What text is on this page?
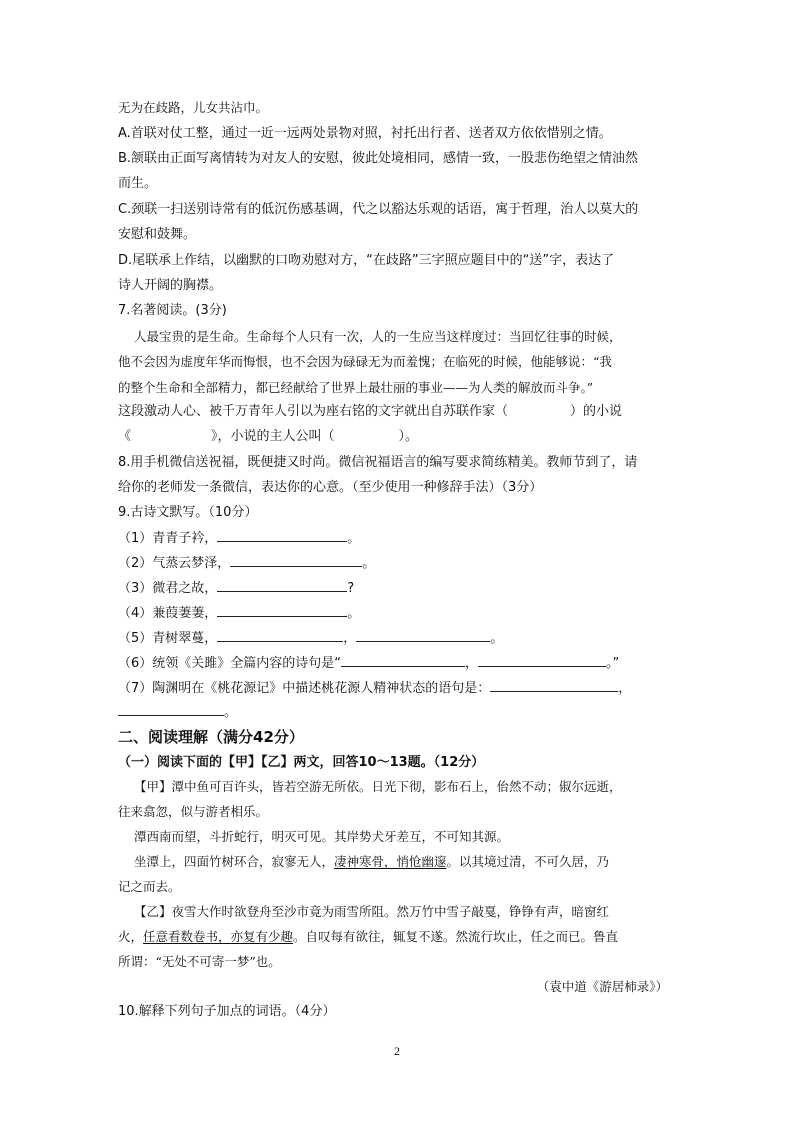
无为在歧路，儿女共沾巾。
A.首联对仗工整，通过一近一远两处景物对照，衬托出行者、送者双方依依惜别之情。
B.颔联由正面写离情转为对友人的安慰，彼此处境相同，感情一致，一股悲伤绝望之情油然
而生。
C.颈联一扫送别诗常有的低沉伤感基调，代之以豁达乐观的话语，寓于哲理，治人以莫大的
安慰和鼓舞。
D.尾联承上作结，以幽默的口吻劝慰对方，“在歧路”三字照应题目中的“送”字，表达了
诗人开阔的胸襟。
7.名著阅读。(3分)
人最宝贵的是生命。生命每个人只有一次，人的一生应当这样度过：当回忆往事的时候，
他不会因为虚度年华而悔恨，也不会因为碌碌无为而羞愧；在临死的时候，他能够说：“我
的整个生命和全部精力，都已经献给了世界上最壮丽的事业——为人类的解放而斗争。”
这段激动人心、被千万青年人引以为座右铭的文字就出自苏联作家（	）的小说
《	》，小说的主人公叫（	）。
8.用手机微信送祝福，既便捷又时尚。微信祝福语言的编写要求简练精美。教师节到了，请
给你的老师发一条微信，表达你的心意。（至少使用一种修辞手法）（3分）
9.古诗文默写。（10分）
（1）青青子衿，	。
（2）气蒸云梦泽，	。
（3）微君之故，	?
（4）兼葭萋萋，	。
（5）青树翠蔓，	，	。
（6）统领《关雎》全篇内容的诗句是“	，	。”
（7）陶渊明在《桃花源记》中描述桃花源人精神状态的语句是：	，
。
二、阅读理解（满分42分）
（一）阅读下面的【甲】【乙】两文，回答10～13题。（12分）
【甲】潭中鱼可百许头，皆若空游无所依。日光下彻，影布石上，佁然不动；俶尔远逝，
往来翕忽，似与游者相乐。
潭西南而望，斗折蛇行，明灭可见。其岸势犬牙差互，不可知其源。
坐潭上，四面竹树环合，寂寥无人，凄神寒骨，悄怆幽邃。以其境过清，不可久居，乃
记之而去。
【乙】夜雪大作时欲登舟至沙市竟为雨雪所阻。然万竹中雪子敲戛，铮铮有声，暗窗红
火，任意看数卷书，亦复有少趣。自叹每有欲往，辄复不遂。然流行坎止，任之而已。鲁直
所谓：“无处不可寄一梦”也。
（袁中道《游居柿录》）
10.解释下列句子加点的词语。（4分）
2
